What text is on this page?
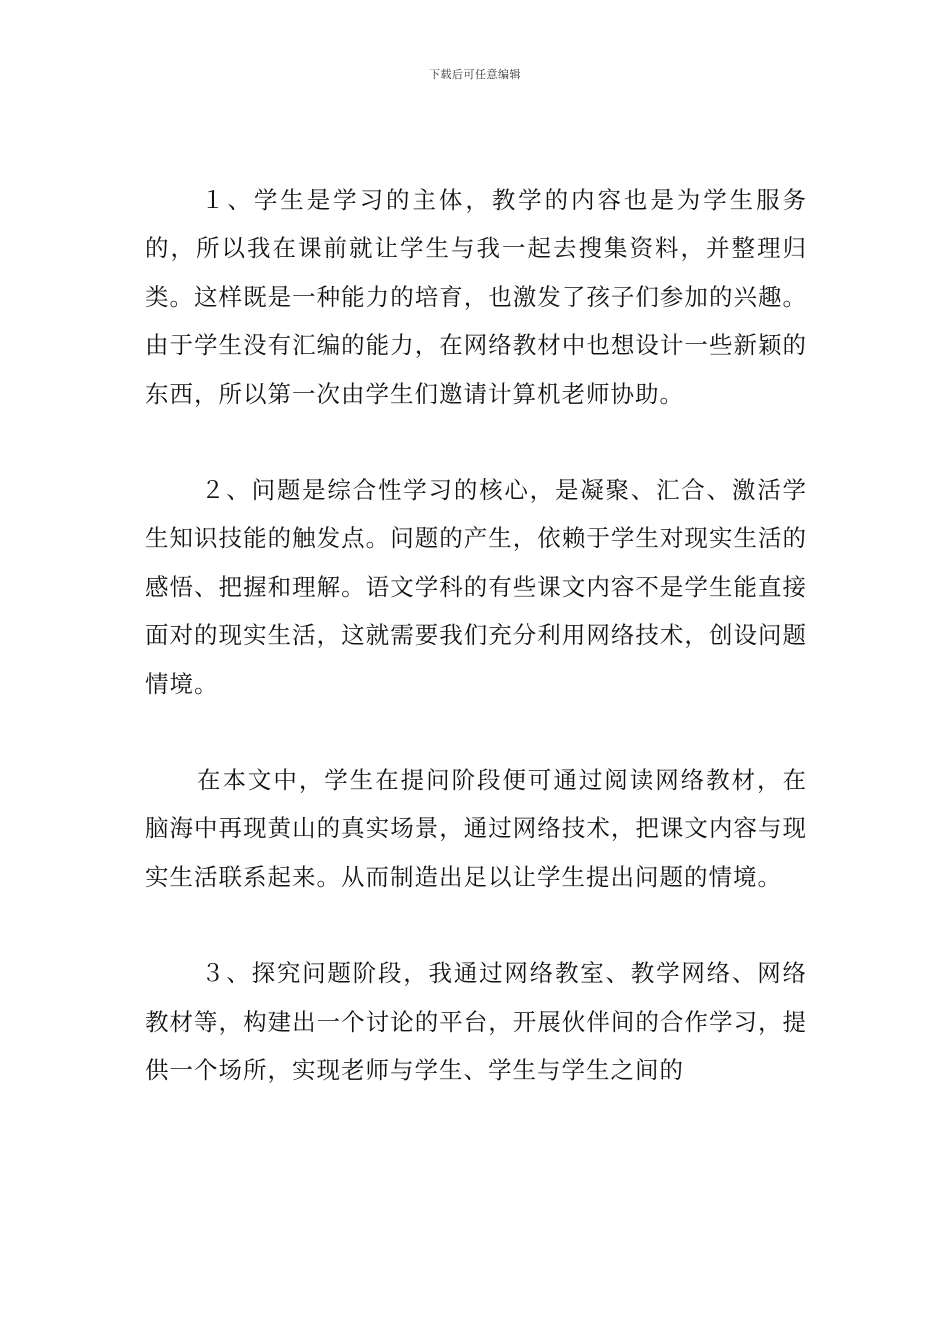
下载后可任意编辑

１、学生是学习的主体，教学的内容也是为学生服务的，所以我在课前就让学生与我一起去搜集资料，并整理归类。这样既是一种能力的培育，也激发了孩子们参加的兴趣。由于学生没有汇编的能力，在网络教材中也想设计一些新颖的东西，所以第一次由学生们邀请计算机老师协助。

２、问题是综合性学习的核心，是凝聚、汇合、激活学生知识技能的触发点。问题的产生，依赖于学生对现实生活的感悟、把握和理解。语文学科的有些课文内容不是学生能直接面对的现实生活，这就需要我们充分利用网络技术，创设问题情境。

在本文中，学生在提问阶段便可通过阅读网络教材，在脑海中再现黄山的真实场景，通过网络技术，把课文内容与现实生活联系起来。从而制造出足以让学生提出问题的情境。

３、探究问题阶段，我通过网络教室、教学网络、网络教材等，构建出一个讨论的平台，开展伙伴间的合作学习，提供一个场所，实现老师与学生、学生与学生之间的
